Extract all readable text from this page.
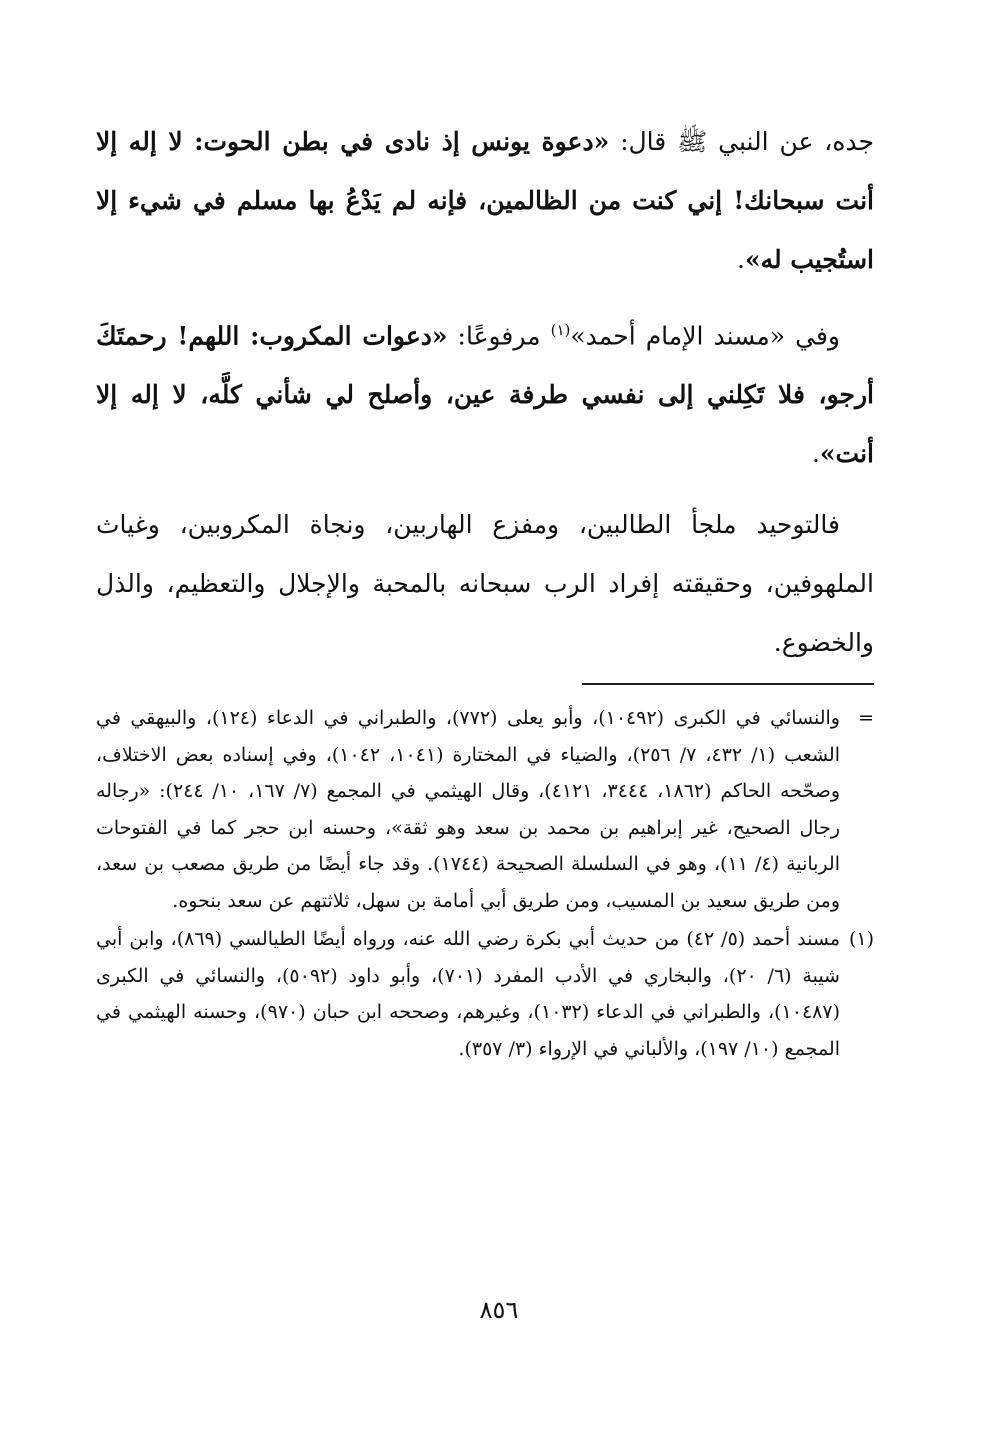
جده، عن النبي ﷺ قال: «دعوة يونس إذ نادى في بطن الحوت: لا إله إلا أنت سبحانك! إني كنت من الظالمين، فإنه لم يَدْعُ بها مسلم في شيء إلا استُجيب له».

وفي «مسند الإمام أحمد»$^{(١)}$ مرفوعًا: «دعوات المكروب: اللهم! رحمتَكَ أرجو، فلا تَكِلني إلى نفسي طرفة عين، وأصلح لي شأني كلَّه، لا إله إلا أنت».

فالتوحيد ملجأ الطالبين، ومفزع الهاربين، ونجاة المكروبين، وغياث الملهوفين، وحقيقته إفراد الرب سبحانه بالمحبة والإجلال والتعظيم، والذل والخضوع.

=
والنسائي في الكبرى (١٠٤٩٢)، وأبو يعلى (٧٧٢)، والطبراني في الدعاء (١٢٤)، والبيهقي في الشعب (١/ ٤٣٢، ٧/ ٢٥٦)، والضياء في المختارة (١٠٤١، ١٠٤٢)، وفي إسناده بعض الاختلاف، وصحّحه الحاكم (١٨٦٢، ٣٤٤٤، ٤١٢١)، وقال الهيثمي في المجمع (٧/ ١٦٧، ١٠/ ٢٤٤): «رجاله رجال الصحيح، غير إبراهيم بن محمد بن سعد وهو ثقة»، وحسنه ابن حجر كما في الفتوحات الربانية (٤/ ١١)، وهو في السلسلة الصحيحة (١٧٤٤). وقد جاء أيضًا من طريق مصعب بن سعد، ومن طريق سعيد بن المسيب، ومن طريق أبي أمامة بن سهل، ثلاثتهم عن سعد بنحوه.
(١)
مسند أحمد (٥/ ٤٢) من حديث أبي بكرة رضي الله عنه، ورواه أيضًا الطيالسي (٨٦٩)، وابن أبي شيبة (٦/ ٢٠)، والبخاري في الأدب المفرد (٧٠١)، وأبو داود (٥٠٩٢)، والنسائي في الكبرى (١٠٤٨٧)، والطبراني في الدعاء (١٠٣٢)، وغيرهم، وصححه ابن حبان (٩٧٠)، وحسنه الهيثمي في المجمع (١٠/ ١٩٧)، والألباني في الإرواء (٣/ ٣٥٧).
٨٥٦
